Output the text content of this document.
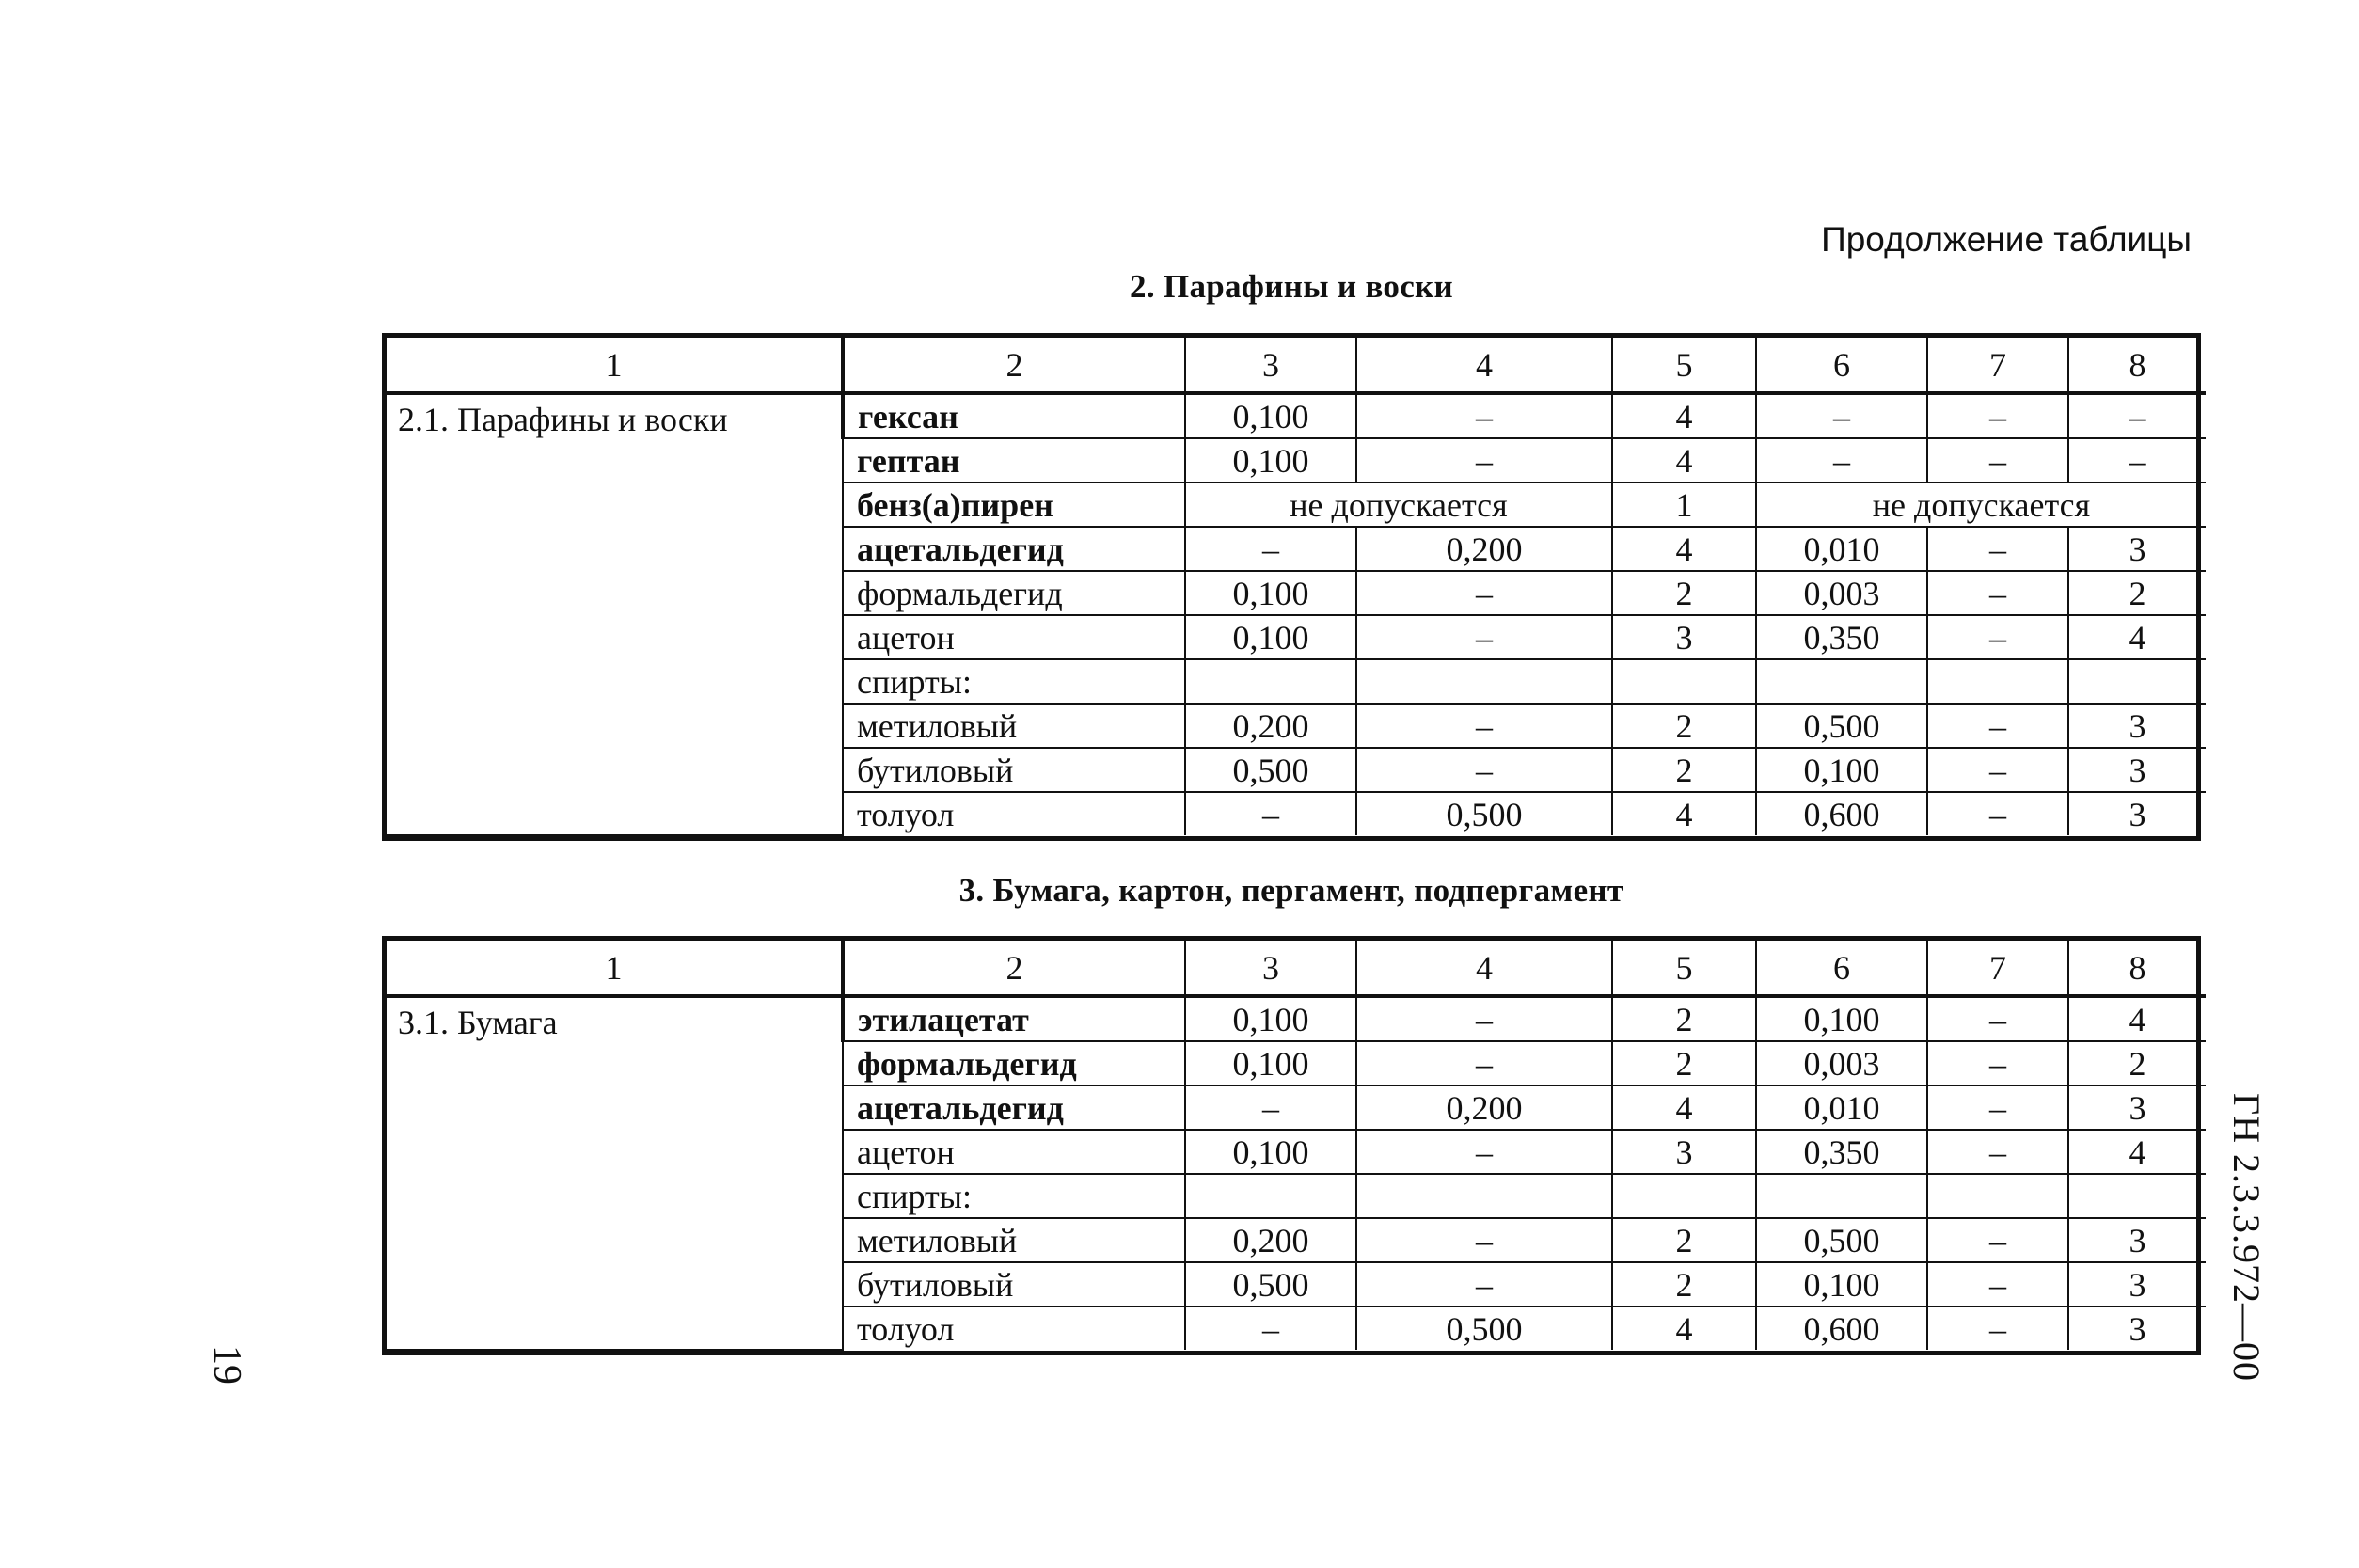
Продолжение таблицы
2. Парафины и воски
1	2	3	4	5	6	7	8
2.1. Парафины и воски	гексан	0,100	–	4	–	–	–
	гептан	0,100	–	4	–	–	–
	бенз(а)пирен	не допускается		1	не допускается		
	ацетальдегид	–	0,200	4	0,010	–	3
	формальдегид	0,100	–	2	0,003	–	2
	ацетон	0,100	–	3	0,350	–	4
	спирты:						
	метиловый	0,200	–	2	0,500	–	3
	бутиловый	0,500	–	2	0,100	–	3
	толуол	–	0,500	4	0,600	–	3
3. Бумага, картон, пергамент, подпергамент
1	2	3	4	5	6	7	8
3.1. Бумага	этилацетат	0,100	–	2	0,100	–	4
	формальдегид	0,100	–	2	0,003	–	2
	ацетальдегид	–	0,200	4	0,010	–	3
	ацетон	0,100	–	3	0,350	–	4
	спирты:						
	метиловый	0,200	–	2	0,500	–	3
	бутиловый	0,500	–	2	0,100	–	3
	толуол	–	0,500	4	0,600	–	3
19	ГН 2.3.3.972—00
